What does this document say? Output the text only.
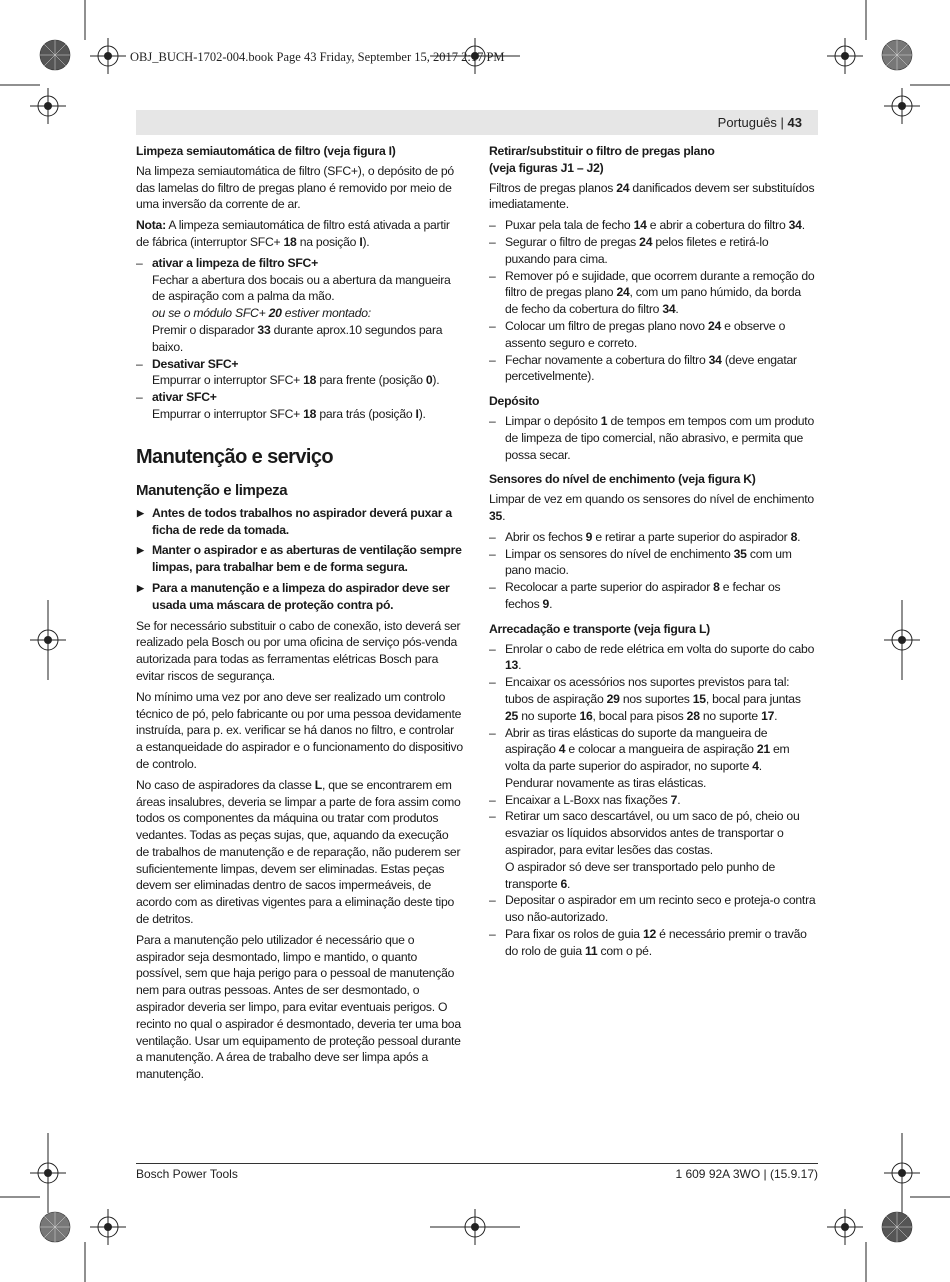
OBJ_BUCH-1702-004.book Page 43 Friday, September 15, 2017 2:17 PM
Português | 43

Limpeza semiautomática de filtro (veja figura I)

Na limpeza semiautomática de filtro (SFC+), o depósito de pó das lamelas do filtro de pregas plano é removido por meio de uma inversão da corrente de ar.

Nota: A limpeza semiautomática de filtro está ativada a partir de fábrica (interruptor SFC+ 18 na posição I).

– ativar a limpeza de filtro SFC+
Fechar a abertura dos bocais ou a abertura da mangueira de aspiração com a palma da mão.
ou se o módulo SFC+ 20 estiver montado:
Premir o disparador 33 durante aprox.10 segundos para baixo.
– Desativar SFC+
Empurrar o interruptor SFC+ 18 para frente (posição 0).
– ativar SFC+
Empurrar o interruptor SFC+ 18 para trás (posição I).
Manutenção e serviço
Manutenção e limpeza
▶ Antes de todos trabalhos no aspirador deverá puxar a ficha de rede da tomada.
▶ Manter o aspirador e as aberturas de ventilação sempre limpas, para trabalhar bem e de forma segura.
▶ Para a manutenção e a limpeza do aspirador deve ser usada uma máscara de proteção contra pó.

Se for necessário substituir o cabo de conexão, isto deverá ser realizado pela Bosch ou por uma oficina de serviço pós-venda autorizada para todas as ferramentas elétricas Bosch para evitar riscos de segurança.

No mínimo uma vez por ano deve ser realizado um controlo técnico de pó, pelo fabricante ou por uma pessoa devidamente instruída, para p. ex. verificar se há danos no filtro, e controlar a estanqueidade do aspirador e o funcionamento do dispositivo de controlo.

No caso de aspiradores da classe L, que se encontrarem em áreas insalubres, deveria se limpar a parte de fora assim como todos os componentes da máquina ou tratar com produtos vedantes. Todas as peças sujas, que, aquando da execução de trabalhos de manutenção e de reparação, não puderem ser suficientemente limpas, devem ser eliminadas. Estas peças devem ser eliminadas dentro de sacos impermeáveis, de acordo com as diretivas vigentes para a eliminação deste tipo de detritos.

Para a manutenção pelo utilizador é necessário que o aspirador seja desmontado, limpo e mantido, o quanto possível, sem que haja perigo para o pessoal de manutenção nem para outras pessoas. Antes de ser desmontado, o aspirador deveria ser limpo, para evitar eventuais perigos. O recinto no qual o aspirador é desmontado, deveria ter uma boa ventilação. Usar um equipamento de proteção pessoal durante a manutenção. A área de trabalho deve ser limpa após a manutenção.

Retirar/substituir o filtro de pregas plano
(veja figuras J1 – J2)

Filtros de pregas planos 24 danificados devem ser substituídos imediatamente.

– Puxar pela tala de fecho 14 e abrir a cobertura do filtro 34.
– Segurar o filtro de pregas 24 pelos filetes e retirá-lo puxando para cima.
– Remover pó e sujidade, que ocorrem durante a remoção do filtro de pregas plano 24, com um pano húmido, da borda de fecho da cobertura do filtro 34.
– Colocar um filtro de pregas plano novo 24 e observe o assento seguro e correto.
– Fechar novamente a cobertura do filtro 34 (deve engatar percetivelmente).

Depósito

– Limpar o depósito 1 de tempos em tempos com um produto de limpeza de tipo comercial, não abrasivo, e permita que possa secar.

Sensores do nível de enchimento (veja figura K)

Limpar de vez em quando os sensores do nível de enchimento 35.

– Abrir os fechos 9 e retirar a parte superior do aspirador 8.
– Limpar os sensores do nível de enchimento 35 com um pano macio.
– Recolocar a parte superior do aspirador 8 e fechar os fechos 9.

Arrecadação e transporte (veja figura L)

– Enrolar o cabo de rede elétrica em volta do suporte do cabo 13.
– Encaixar os acessórios nos suportes previstos para tal: tubos de aspiração 29 nos suportes 15, bocal para juntas 25 no suporte 16, bocal para pisos 28 no suporte 17.
– Abrir as tiras elásticas do suporte da mangueira de aspiração 4 e colocar a mangueira de aspiração 21 em volta da parte superior do aspirador, no suporte 4.
Pendurar novamente as tiras elásticas.
– Encaixar a L-Boxx nas fixações 7.
– Retirar um saco descartável, ou um saco de pó, cheio ou esvaziar os líquidos absorvidos antes de transportar o aspirador, para evitar lesões das costas.
O aspirador só deve ser transportado pelo punho de transporte 6.
– Depositar o aspirador em um recinto seco e proteja-o contra uso não-autorizado.
– Para fixar os rolos de guia 12 é necessário premir o travão do rolo de guia 11 com o pé.
Bosch Power Tools	1 609 92A 3WO | (15.9.17)
